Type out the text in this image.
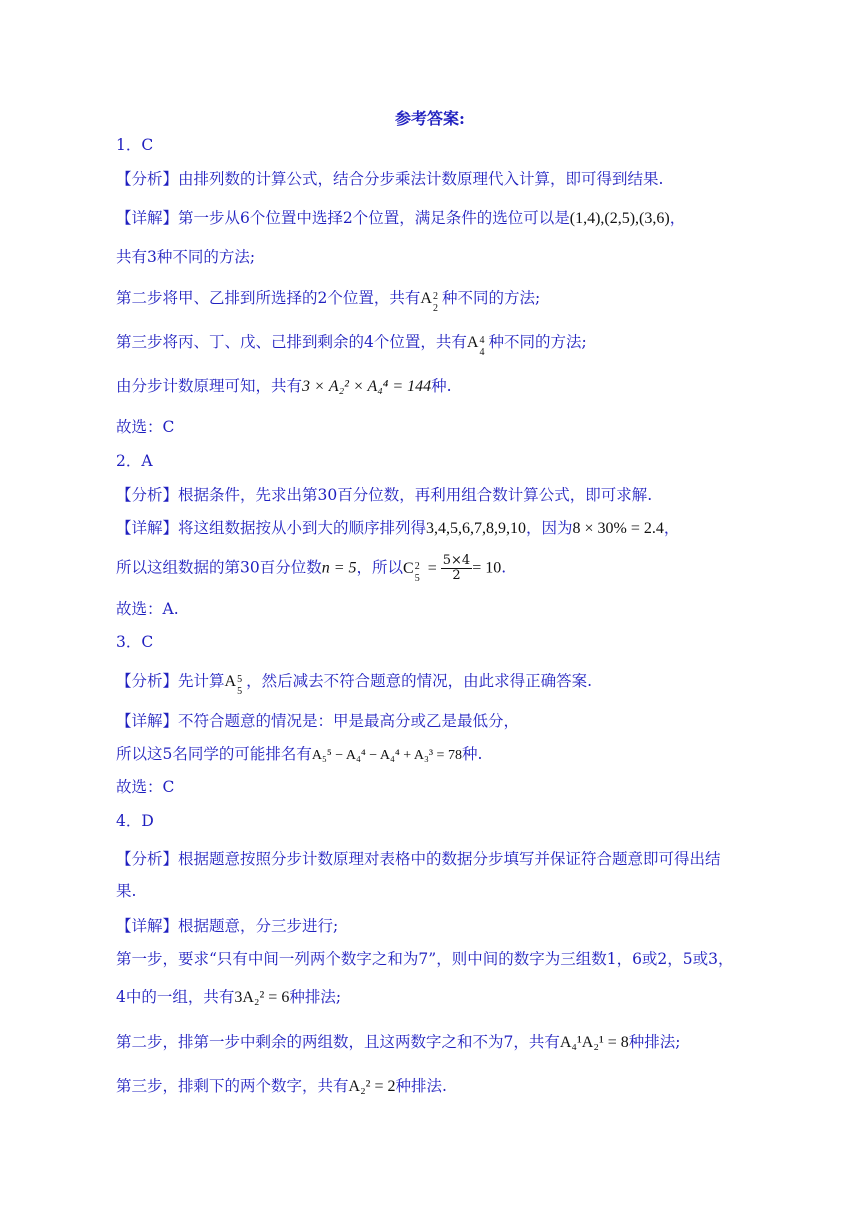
参考答案:
1．C
【分析】由排列数的计算公式，结合分步乘法计数原理代入计算，即可得到结果.
【详解】第一步从6个位置中选择2个位置，满足条件的选位可以是(1,4),(2,5),(3,6)，
共有3种不同的方法;
第二步将甲、乙排到所选择的2个位置，共有A 2
2
种不同的方法;
第三步将丙、丁、戊、己排到剩余的4个位置，共有A 4
4
种不同的方法;
由分步计数原理可知，共有3 × A₂² × A₄⁴ = 144种.
故选：C
2．A
【分析】根据条件，先求出第30百分位数，再利用组合数计算公式，即可求解.
【详解】将这组数据按从小到大的顺序排列得3,4,5,6,7,8,9,10，因为8 × 30% = 2.4，
所以这组数据的第30百分位数n = 5，所以C 2
5
= $\frac{5\times 4}{2} = 10$.
故选：A.
3．C
【分析】先计算A 5
5
，然后减去不符合题意的情况，由此求得正确答案.
【详解】不符合题意的情况是：甲是最高分或乙是最低分，
所以这5名同学的可能排名有A₅⁵ − A₄⁴ − A₄⁴ + A₃³ = 78种.
故选：C
4．D
【分析】根据题意按照分步计数原理对表格中的数据分步填写并保证符合题意即可得出结
果.
【详解】根据题意，分三步进行;
第一步，要求“只有中间一列两个数字之和为7”，则中间的数字为三组数1，6或2，5或3，
4中的一组，共有3A₂² = 6种排法;
第二步，排第一步中剩余的两组数，且这两数字之和不为7，共有A₄¹A₂¹ = 8种排法;
第三步，排剩下的两个数字，共有A₂² = 2种排法.
